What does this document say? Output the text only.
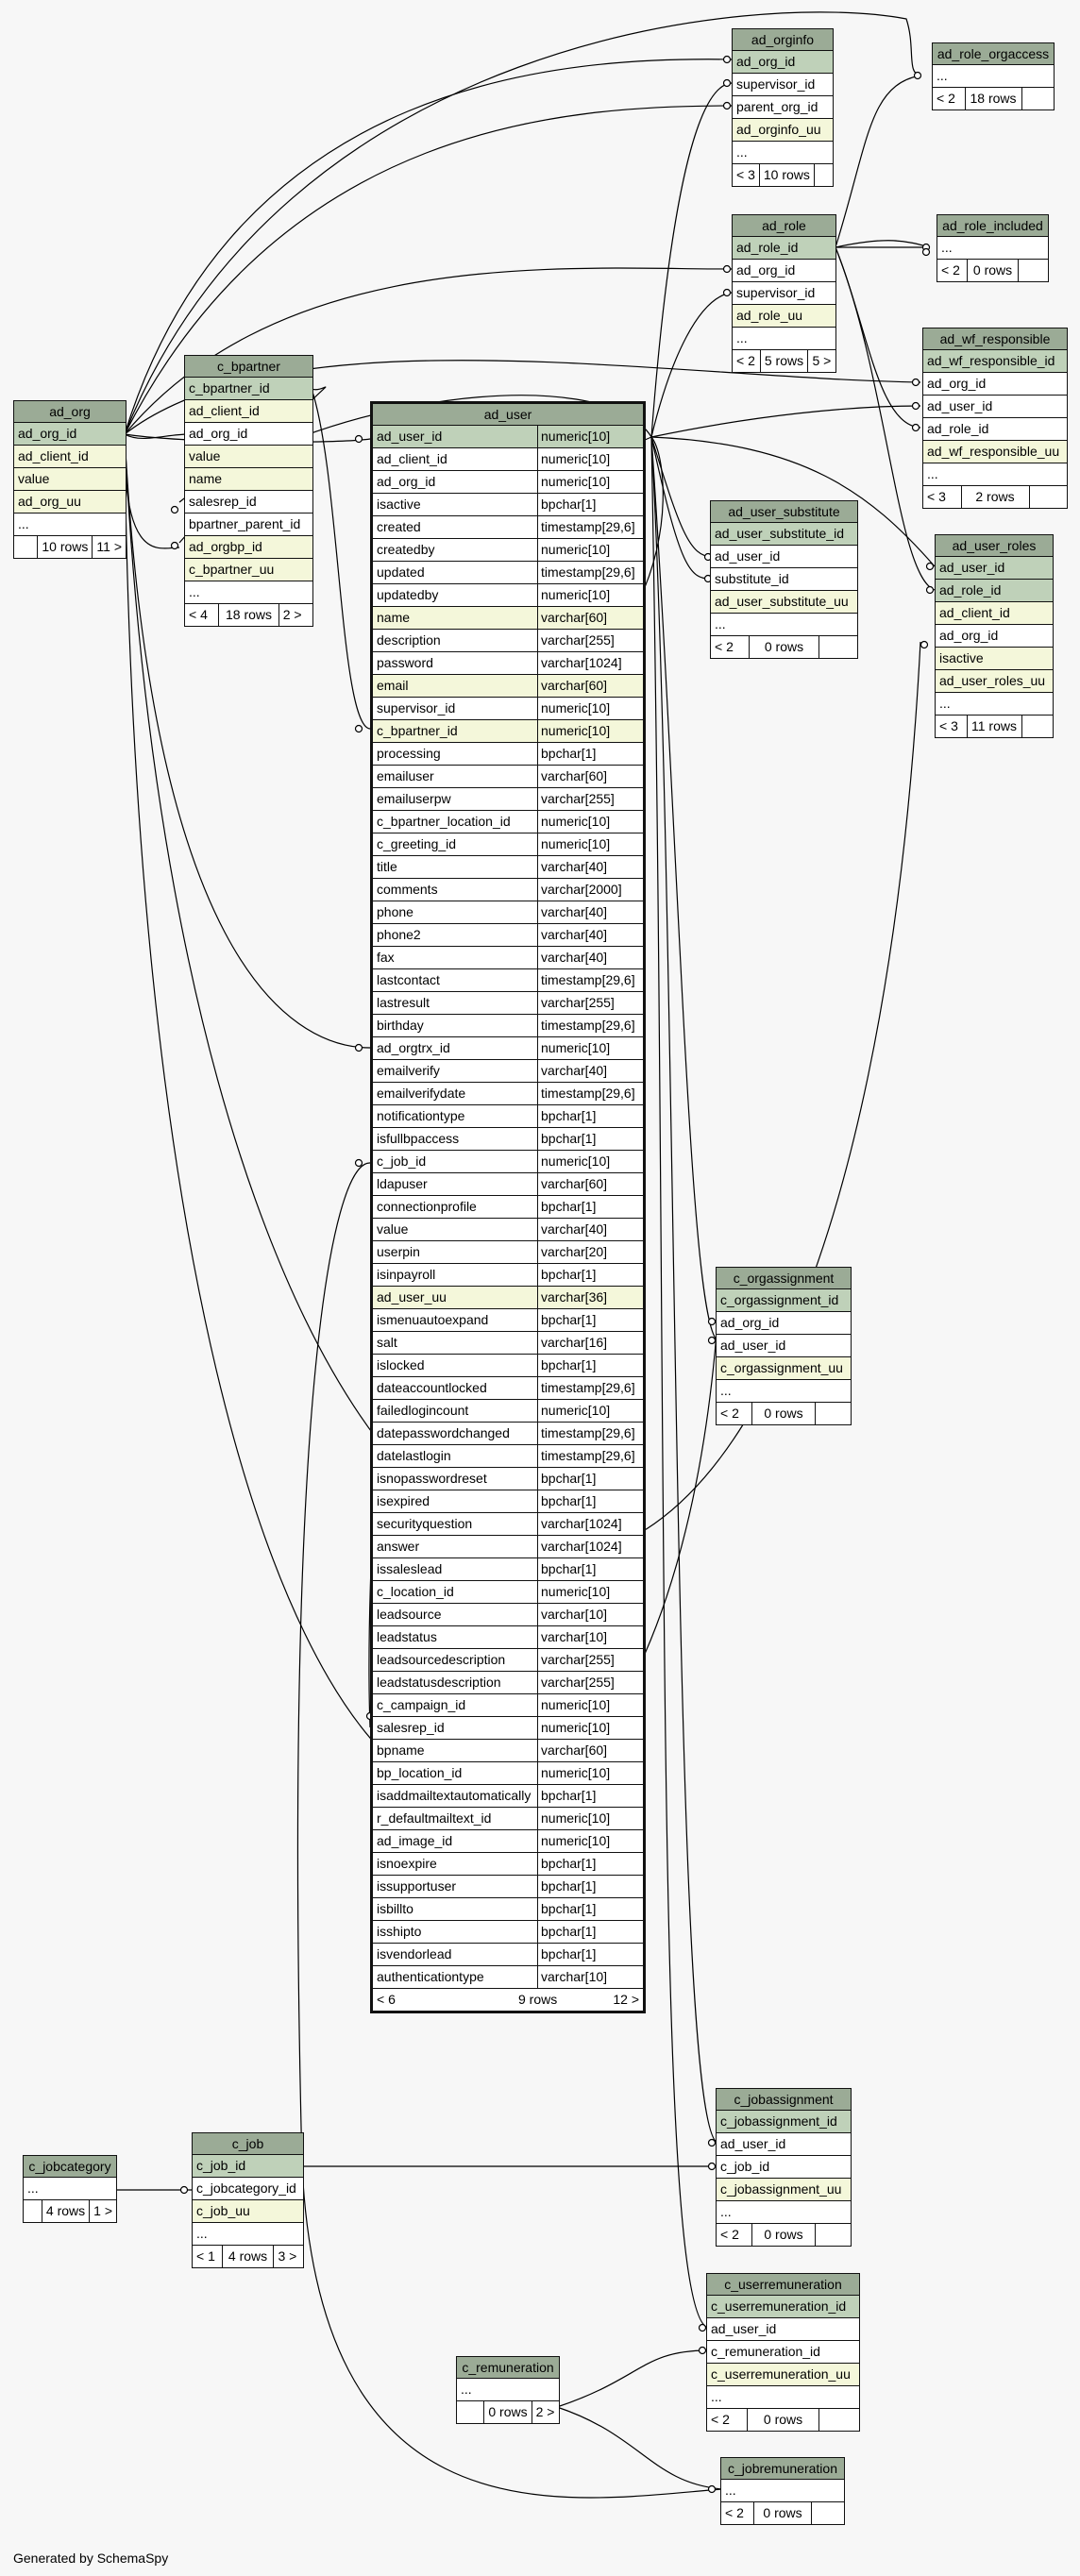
ad_org
ad_org_id
ad_client_id
value
ad_org_uu
...
10 rows 11 >
c_bpartner
c_bpartner_id
ad_client_id
ad_org_id
value
name
salesrep_id
bpartner_parent_id
ad_orgbp_id
c_bpartner_uu
...
< 4	18 rows 2 >
ad_orginfo
ad_org_id
supervisor_id
parent_org_id
ad_orginfo_uu
...
< 3 10 rows
ad_role_orgaccess
...
< 2	18 rows
ad_role
ad_role_id
ad_org_id
supervisor_id
ad_role_uu
...
< 2 5 rows 5 >
ad_role_included
...
< 2	0 rows
ad_wf_responsible
ad_wf_responsible_id
ad_org_id
ad_user_id
ad_role_id
ad_wf_responsible_uu
...
< 3	2 rows
ad_user_substitute
ad_user_substitute_id
ad_user_id
substitute_id
ad_user_substitute_uu
...
< 2	0 rows
ad_user_roles
ad_user_id
ad_role_id
ad_client_id
ad_org_id
isactive
ad_user_roles_uu
...
< 3	11 rows
c_orgassignment
c_orgassignment_id
ad_org_id
ad_user_id
c_orgassignment_uu
...
< 2	0 rows
c_jobcategory
...
4 rows 1 >
c_job
c_job_id
c_jobcategory_id
c_job_uu
...
< 1	4 rows 3 >
c_jobassignment
c_jobassignment_id
ad_user_id
c_job_id
c_jobassignment_uu
...
< 2	0 rows
c_userremuneration
c_userremuneration_id
ad_user_id
c_remuneration_id
c_userremuneration_uu
...
< 2	0 rows
c_remuneration
...
0 rows 2 >
c_jobremuneration
...
< 2	0 rows
ad_user
ad_user_id	numeric[10]
ad_client_id	numeric[10]
ad_org_id	numeric[10]
isactive	bpchar[1]
created	timestamp[29,6]
createdby	numeric[10]
updated	timestamp[29,6]
updatedby	numeric[10]
name	varchar[60]
description	varchar[255]
password	varchar[1024]
email	varchar[60]
supervisor_id	numeric[10]
c_bpartner_id	numeric[10]
processing	bpchar[1]
emailuser	varchar[60]
emailuserpw	varchar[255]
c_bpartner_location_id	numeric[10]
c_greeting_id	numeric[10]
title	varchar[40]
comments	varchar[2000]
phone	varchar[40]
phone2	varchar[40]
fax	varchar[40]
lastcontact	timestamp[29,6]
lastresult	varchar[255]
birthday	timestamp[29,6]
ad_orgtrx_id	numeric[10]
emailverify	varchar[40]
emailverifydate	timestamp[29,6]
notificationtype	bpchar[1]
isfullbpaccess	bpchar[1]
c_job_id	numeric[10]
ldapuser	varchar[60]
connectionprofile	bpchar[1]
value	varchar[40]
userpin	varchar[20]
isinpayroll	bpchar[1]
ad_user_uu	varchar[36]
ismenuautoexpand	bpchar[1]
salt	varchar[16]
islocked	bpchar[1]
dateaccountlocked	timestamp[29,6]
failedlogincount	numeric[10]
datepasswordchanged	timestamp[29,6]
datelastlogin	timestamp[29,6]
isnopasswordreset	bpchar[1]
isexpired	bpchar[1]
securityquestion	varchar[1024]
answer	varchar[1024]
issaleslead	bpchar[1]
c_location_id	numeric[10]
leadsource	varchar[10]
leadstatus	varchar[10]
leadsourcedescription	varchar[255]
leadstatusdescription	varchar[255]
c_campaign_id	numeric[10]
salesrep_id	numeric[10]
bpname	varchar[60]
bp_location_id	numeric[10]
isaddmailtextautomatically bpchar[1]
r_defaultmailtext_id	numeric[10]
ad_image_id	numeric[10]
isnoexpire	bpchar[1]
issupportuser	bpchar[1]
isbillto	bpchar[1]
isshipto	bpchar[1]
isvendorlead	bpchar[1]
authenticationtype	varchar[10]
< 6	9 rows	12 >
Generated by SchemaSpy
